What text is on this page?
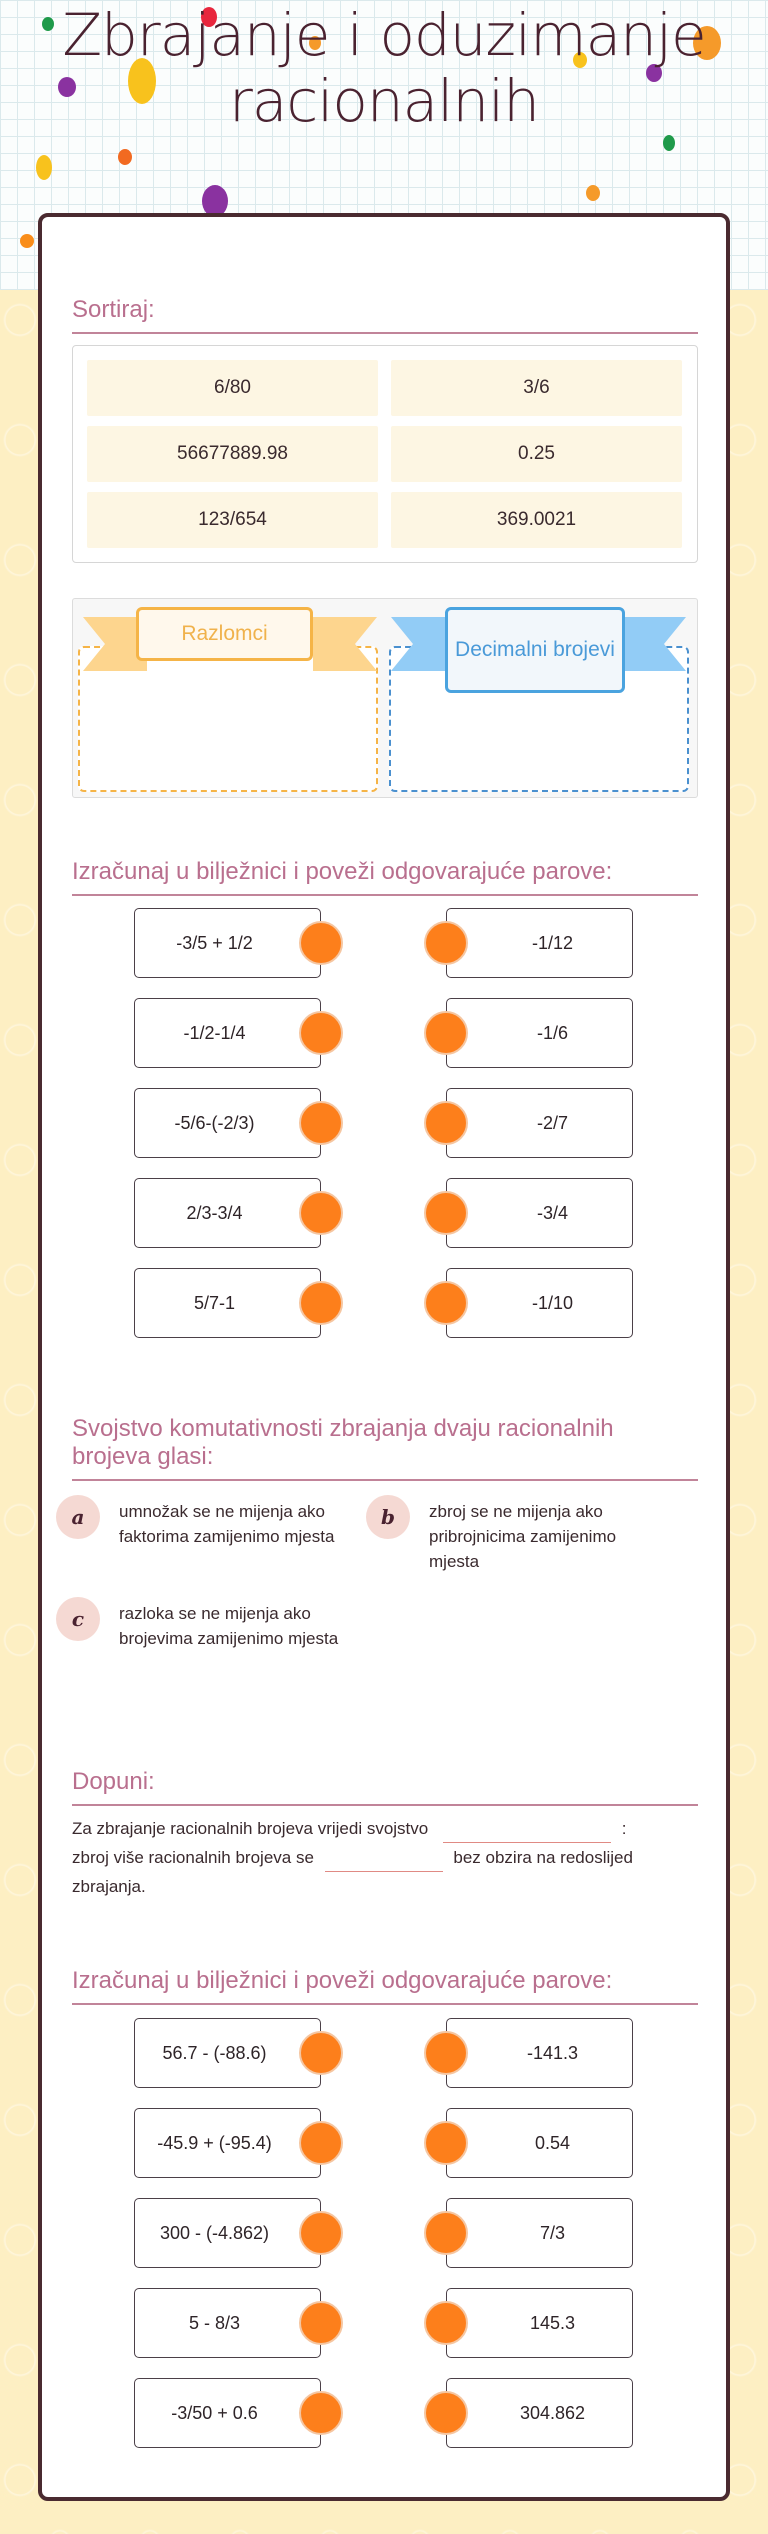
Zbrajanje i oduzimanje racionalnih
Sortiraj:
6/80	3/6
56677889.98	0.25
123/654	369.0021
Razlomci
Decimalni brojevi
Izračunaj u bilježnici i poveži odgovarajuće parove:
-3/5 + 1/2	-1/12
-1/2-1/4	-1/6
-5/6-(-2/3)	-2/7
2/3-3/4	-3/4
5/7-1	-1/10
Svojstvo komutativnosti zbrajanja dvaju racionalnih brojeva glasi:
a	umnožak se ne mijenja ako faktorima zamijenimo mjesta
b	zbroj se ne mijenja ako pribrojnicima zamijenimo mjesta
c	razloka se ne mijenja ako brojevima zamijenimo mjesta
Dopuni:
Za zbrajanje racionalnih brojeva vrijedi svojstvo	:
zbroj više racionalnih brojeva se	bez obzira na redoslijed zbrajanja.
Izračunaj u bilježnici i poveži odgovarajuće parove:
56.7 - (-88.6)	-141.3
-45.9 + (-95.4)	0.54
300 - (-4.862)	7/3
5 - 8/3	145.3
-3/50 + 0.6	304.862
